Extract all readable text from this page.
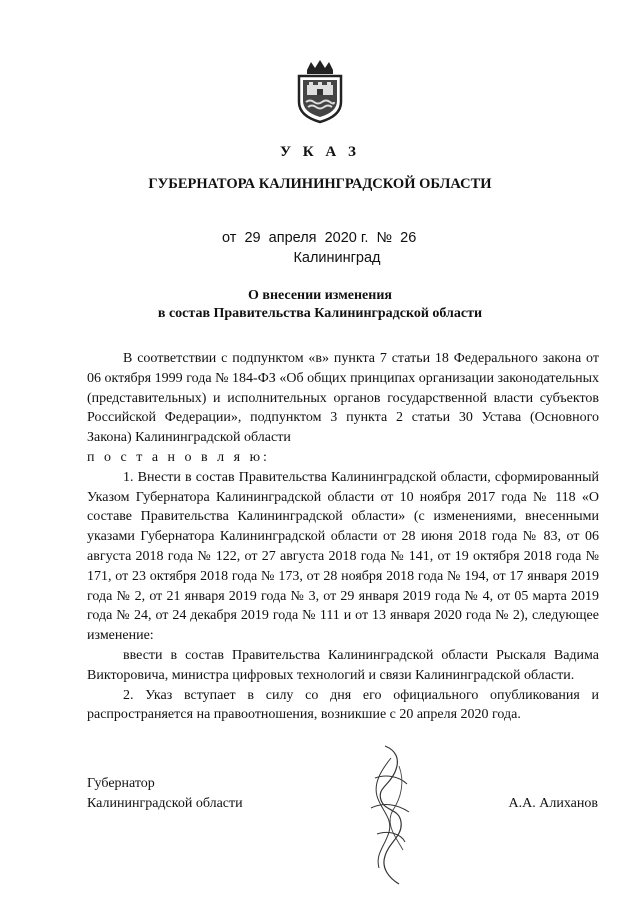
У К А З
ГУБЕРНАТОРА КАЛИНИНГРАДСКОЙ ОБЛАСТИ
от 29 апреля 2020 г. № 26
Калининград
О внесении изменения
в состав Правительства Калининградской области

В соответствии с подпунктом «в» пункта 7 статьи 18 Федерального закона от 06 октября 1999 года № 184-ФЗ «Об общих принципах организации законодательных (представительных) и исполнительных органов государственной власти субъектов Российской Федерации», подпунктом 3 пункта 2 статьи 30 Устава (Основного Закона) Калининградской области

п о с т а н о в л я ю:

1. Внести в состав Правительства Калининградской области, сформированный Указом Губернатора Калининградской области от 10 ноября 2017 года № 118 «О составе Правительства Калининградской области» (с изменениями, внесенными указами Губернатора Калининградской области от 28 июня 2018 года № 83, от 06 августа 2018 года № 122, от 27 августа 2018 года № 141, от 19 октября 2018 года № 171, от 23 октября 2018 года № 173, от 28 ноября 2018 года № 194, от 17 января 2019 года № 2, от 21 января 2019 года № 3, от 29 января 2019 года № 4, от 05 марта 2019 года № 24, от 24 декабря 2019 года № 111 и от 13 января 2020 года № 2), следующее изменение:

ввести в состав Правительства Калининградской области Рыскаля Вадима Викторовича, министра цифровых технологий и связи Калининградской области.

2. Указ вступает в силу со дня его официального опубликования и распространяется на правоотношения, возникшие с 20 апреля 2020 года.

Губернатор
Калининградской области	А.А. Алиханов
